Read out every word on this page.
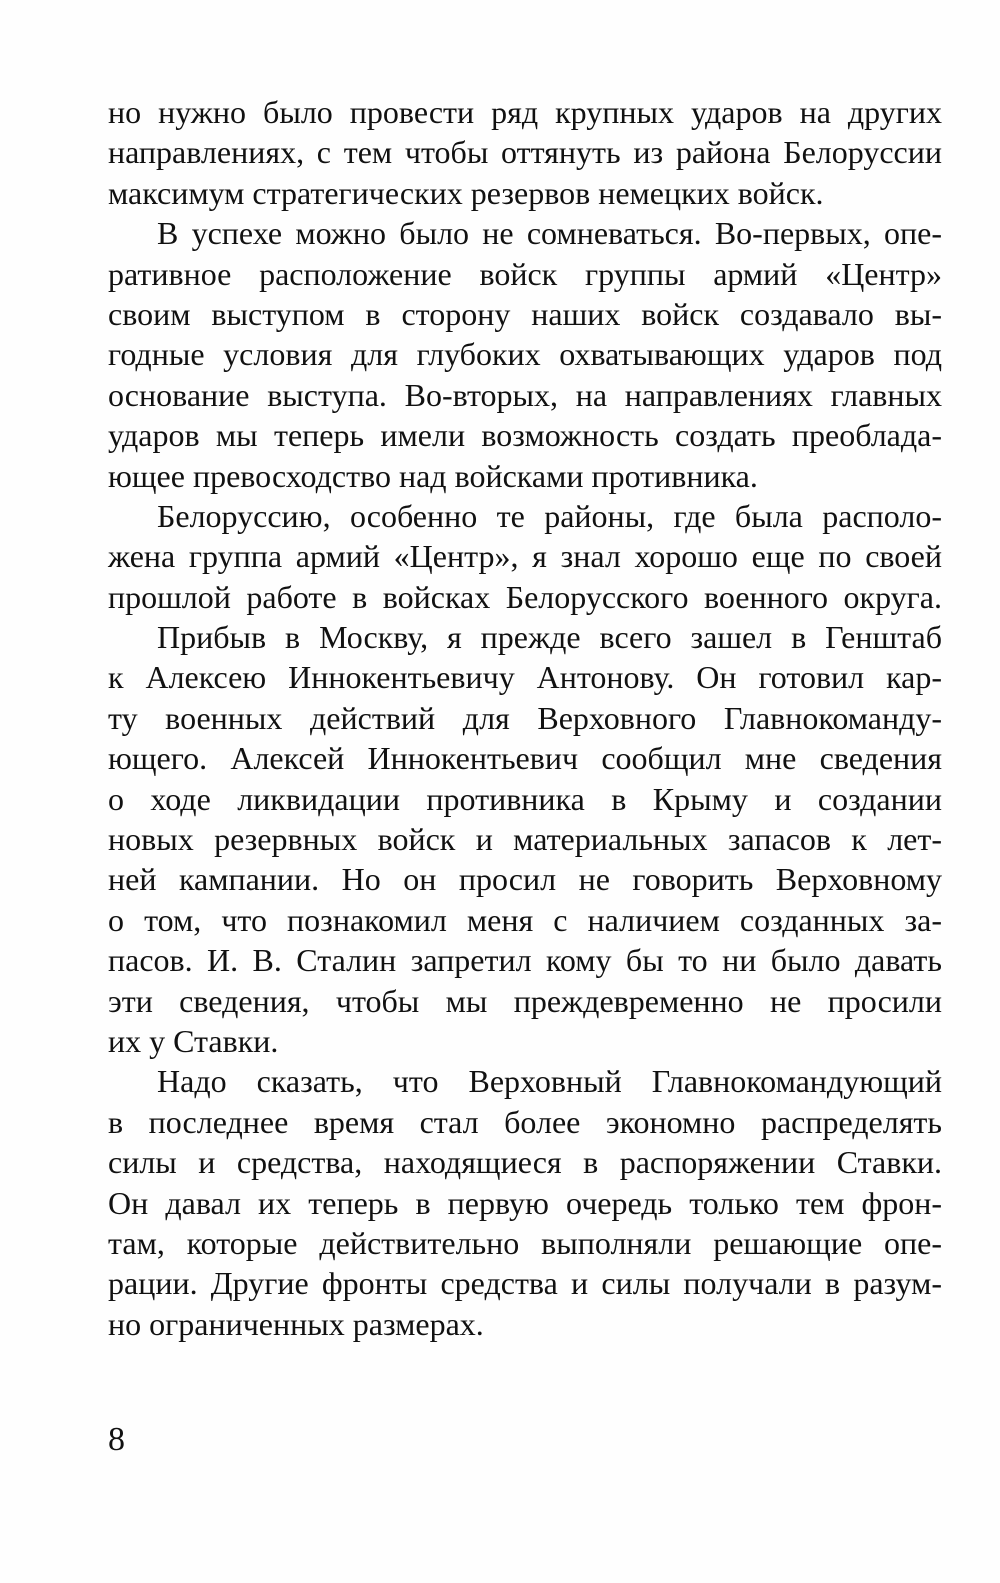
но нужно было провести ряд крупных ударов на других
направлениях, с тем чтобы оттянуть из района Белоруссии
максимум стратегических резервов немецких войск.
В успехе можно было не сомневаться. Во-первых, опе-
ративное расположение войск группы армий «Центр»
своим выступом в сторону наших войск создавало вы-
годные условия для глубоких охватывающих ударов под
основание выступа. Во-вторых, на направлениях главных
ударов мы теперь имели возможность создать преоблада-
ющее превосходство над войсками противника.
Белоруссию, особенно те районы, где была располо-
жена группа армий «Центр», я знал хорошо еще по своей
прошлой работе в войсках Белорусского военного округа.
Прибыв в Москву, я прежде всего зашел в Генштаб
к Алексею Иннокентьевичу Антонову. Он готовил кар-
ту военных действий для Верховного Главнокоманду-
ющего. Алексей Иннокентьевич сообщил мне сведения
о ходе ликвидации противника в Крыму и создании
новых резервных войск и материальных запасов к лет-
ней кампании. Но он просил не говорить Верховному
о том, что познакомил меня с наличием созданных за-
пасов. И. В. Сталин запретил кому бы то ни было давать
эти сведения, чтобы мы преждевременно не просили
их у Ставки.
Надо сказать, что Верховный Главнокомандующий
в последнее время стал более экономно распределять
силы и средства, находящиеся в распоряжении Ставки.
Он давал их теперь в первую очередь только тем фрон-
там, которые действительно выполняли решающие опе-
рации. Другие фронты средства и силы получали в разум-
но ограниченных размерах.
8
